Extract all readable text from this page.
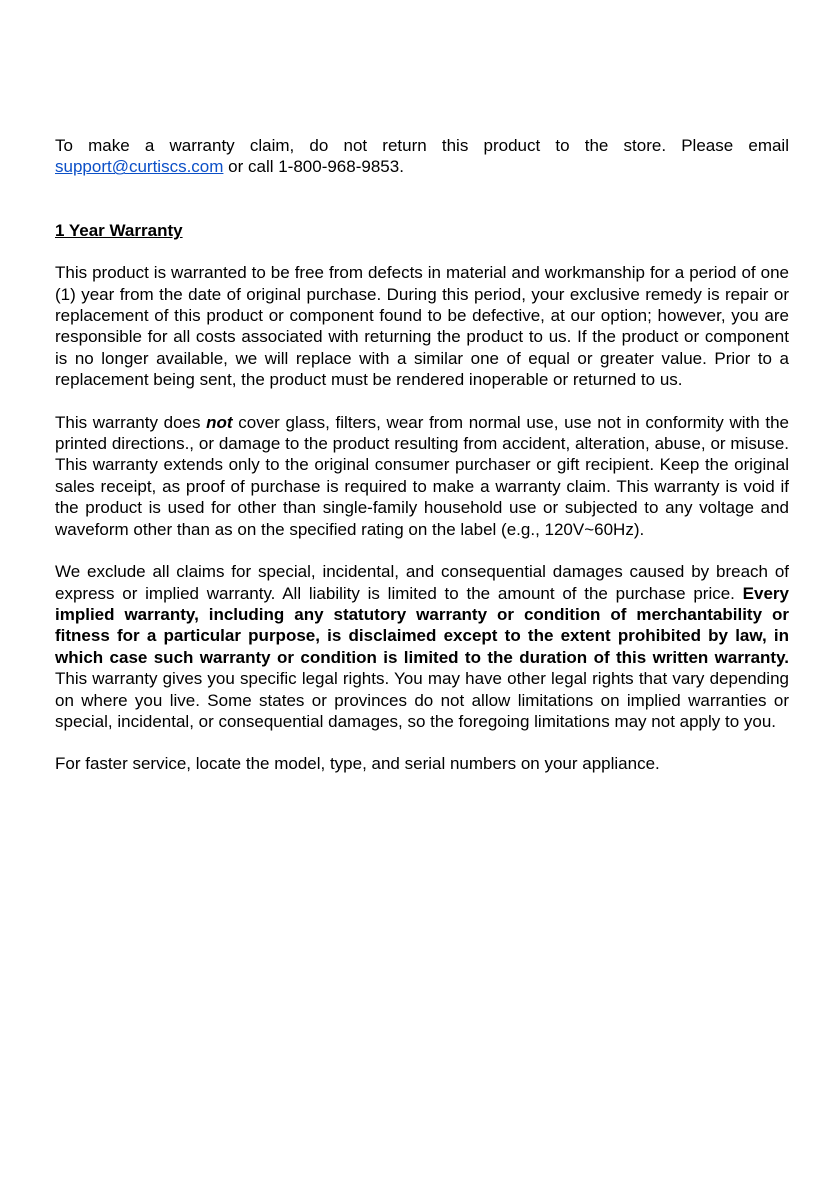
To make a warranty claim, do not return this product to the store. Please email support@curtiscs.com or call 1-800-968-9853.

1 Year Warranty

This product is warranted to be free from defects in material and workmanship for a period of one (1) year from the date of original purchase. During this period, your exclusive remedy is repair or replacement of this product or component found to be defective, at our option; however, you are responsible for all costs associated with returning the product to us. If the product or component is no longer available, we will replace with a similar one of equal or greater value. Prior to a replacement being sent, the product must be rendered inoperable or returned to us.

This warranty does not cover glass, filters, wear from normal use, use not in conformity with the printed directions., or damage to the product resulting from accident, alteration, abuse, or misuse. This warranty extends only to the original consumer purchaser or gift recipient. Keep the original sales receipt, as proof of purchase is required to make a warranty claim. This warranty is void if the product is used for other than single-family household use or subjected to any voltage and waveform other than as on the specified rating on the label (e.g., 120V~60Hz).

We exclude all claims for special, incidental, and consequential damages caused by breach of express or implied warranty. All liability is limited to the amount of the purchase price. Every implied warranty, including any statutory warranty or condition of merchantability or fitness for a particular purpose, is disclaimed except to the extent prohibited by law, in which case such warranty or condition is limited to the duration of this written warranty. This warranty gives you specific legal rights. You may have other legal rights that vary depending on where you live. Some states or provinces do not allow limitations on implied warranties or special, incidental, or consequential damages, so the foregoing limitations may not apply to you.

For faster service, locate the model, type, and serial numbers on your appliance.
